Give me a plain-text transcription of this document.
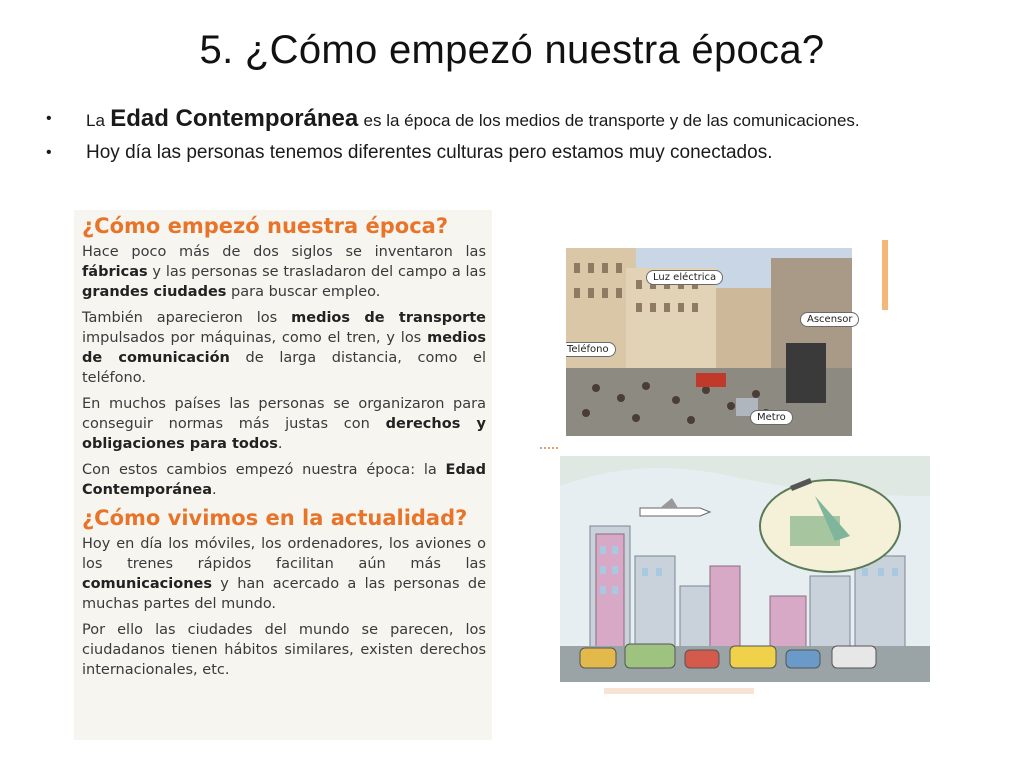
5. ¿Cómo empezó nuestra época?
• La Edad Contemporánea es la época de los medios de transporte y de las comunicaciones.
• Hoy día las personas tenemos diferentes culturas pero estamos muy conectados.
¿Cómo empezó nuestra época?

Hace poco más de dos siglos se inventaron las fábricas y las personas se trasladaron del campo a las grandes ciudades para buscar empleo.

También aparecieron los medios de transporte impulsados por máquinas, como el tren, y los medios de comunicación de larga distancia, como el teléfono.

En muchos países las personas se organizaron para conseguir normas más justas con derechos y obligaciones para todos.

Con estos cambios empezó nuestra época: la Edad Contemporánea.

¿Cómo vivimos en la actualidad?

Hoy en día los móviles, los ordenadores, los aviones o los trenes rápidos facilitan aún más las comunicaciones y han acercado a las personas de muchas partes del mundo.

Por ello las ciudades del mundo se parecen, los ciudadanos tienen hábitos similares, existen derechos internacionales, etc.

Luz eléctrica
Teléfono
Metro
Ascensor
